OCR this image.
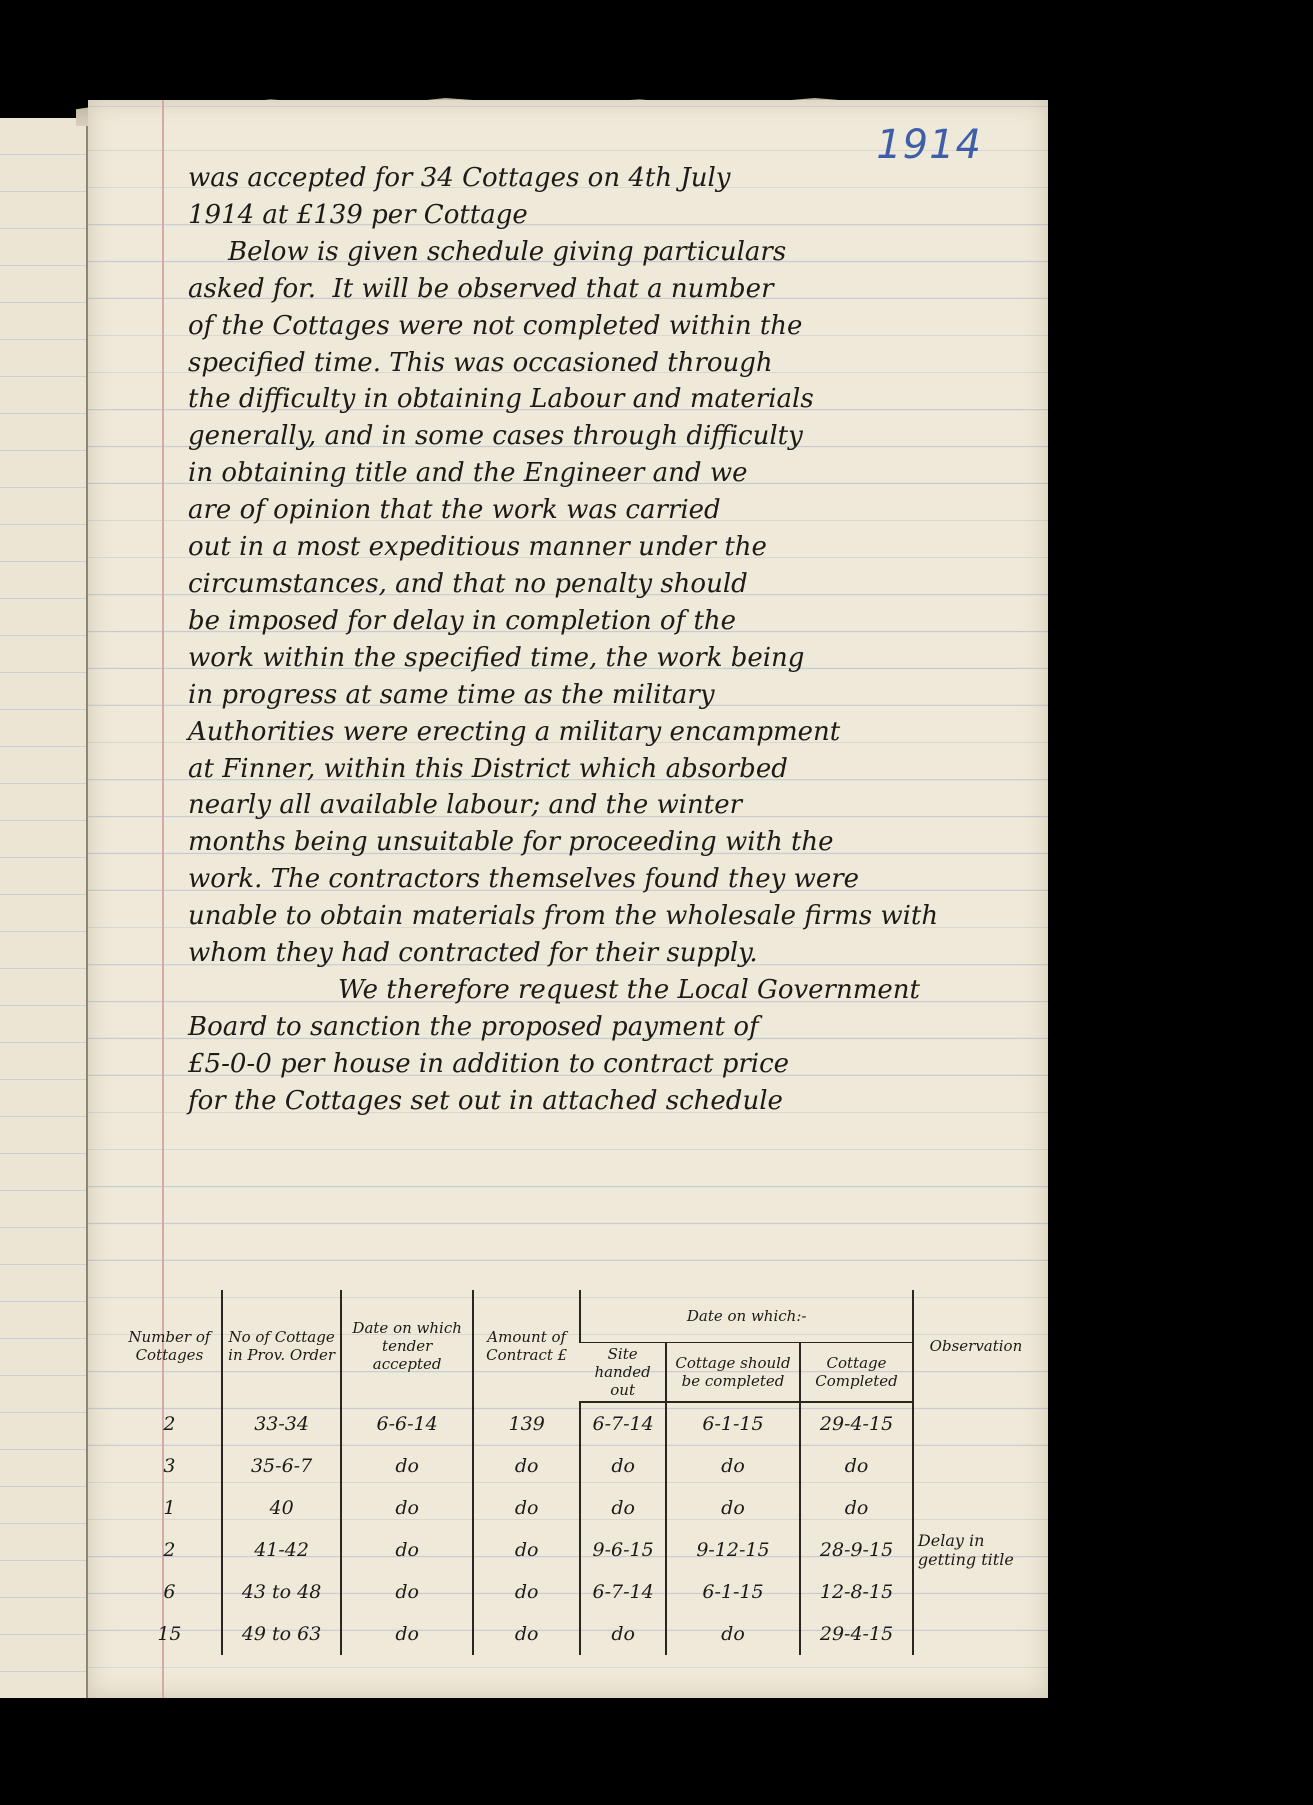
1914

was accepted for 34 Cottages on 4th July

1914 at £139 per Cottage

Below is given schedule giving particulars

asked for.  It will be observed that a number

of the Cottages were not completed within the

specified time. This was occasioned through

the difficulty in obtaining Labour and materials

generally, and in some cases through difficulty

in obtaining title and the Engineer and we

are of opinion that the work was carried

out in a most expeditious manner under the

circumstances, and that no penalty should

be imposed for delay in completion of the

work within the specified time, the work being

in progress at same time as the military

Authorities were erecting a military encampment

at Finner, within this District which absorbed

nearly all available labour; and the winter

months being unsuitable for proceeding with the

work. The contractors themselves found they were

unable to obtain materials from the wholesale firms with

whom they had contracted for their supply.

We therefore request the Local Government

Board to sanction the proposed payment of

£5-0-0 per house in addition to contract price

for the Cottages set out in attached schedule

Number of Cottages	No of Cottage in Prov. Order	Date on which tender accepted	Amount of Contract £	Date on which:-			Observation
				Site handed out	Cottage should be completed	Cottage Completed	
2	33-34	6-6-14	139	6-7-14	6-1-15	29-4-15	
3	35-6-7	do	do	do	do	do	
1	40	do	do	do	do	do	
2	41-42	do	do	9-6-15	9-12-15	28-9-15	Delay in getting title
6	43 to 48	do	do	6-7-14	6-1-15	12-8-15	
15	49 to 63	do	do	do	do	29-4-15	
